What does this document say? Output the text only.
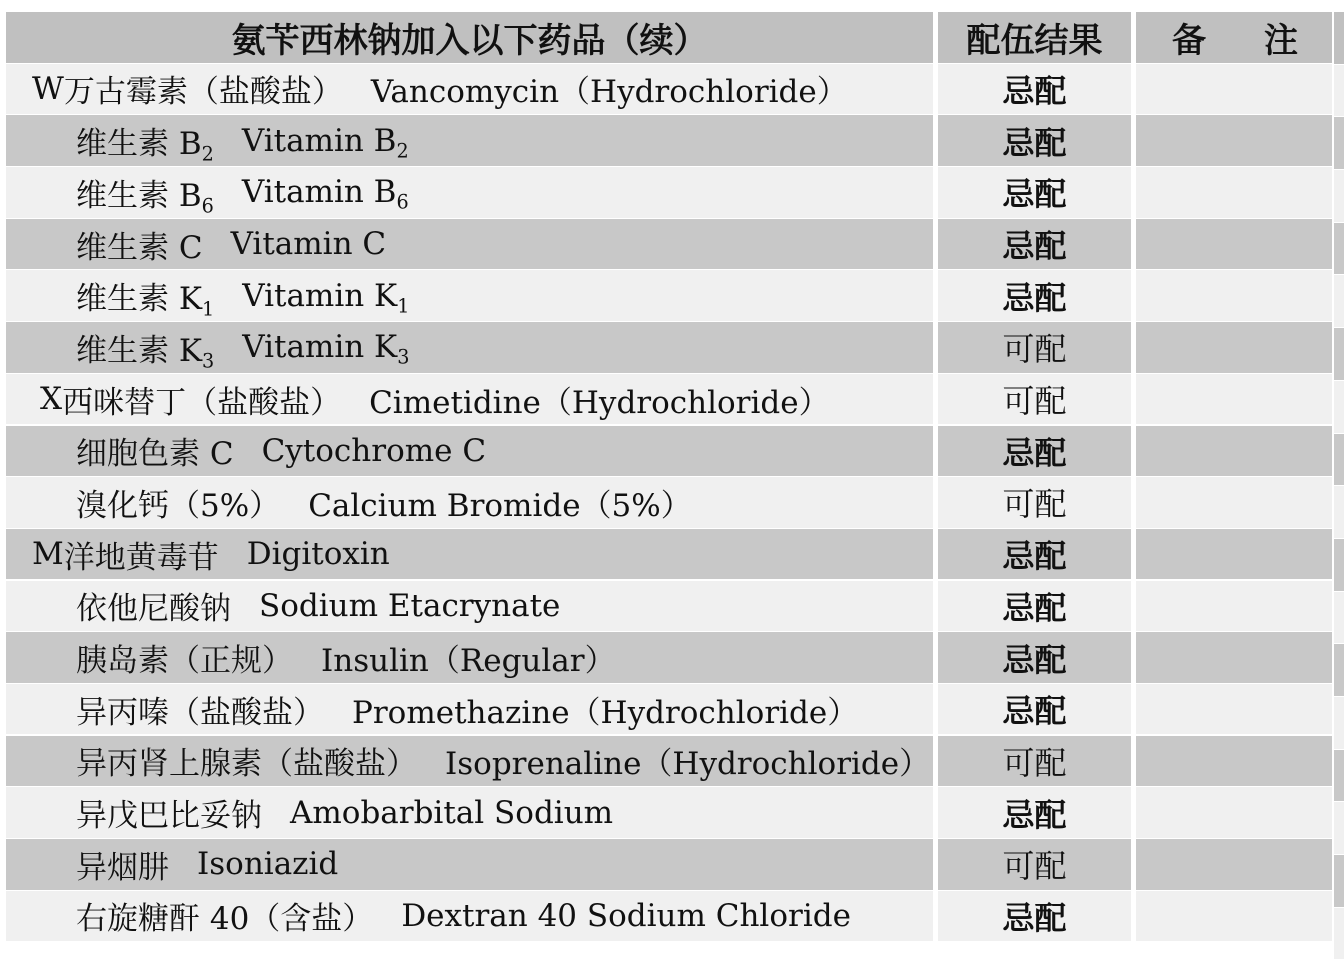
氨苄西林钠加入以下药品（续）	配伍结果	备 注
W 万古霉素（盐酸盐） Vancomycin（Hydrochloride）	忌配
维生素 $B_2$ Vitamin $B_2$	忌配
维生素 $B_6$ Vitamin $B_6$	忌配
维生素 C Vitamin C	忌配
维生素 $K_1$ Vitamin $K_1$	忌配
维生素 $K_3$ Vitamin $K_3$	可配
X 西咪替丁（盐酸盐） Cimetidine（Hydrochloride）	可配
细胞色素 C Cytochrome C	忌配
溴化钙（5%） Calcium Bromide（5%）	可配
M 洋地黄毒苷 Digitoxin	忌配
依他尼酸钠 Sodium Etacrynate	忌配
胰岛素（正规） Insulin（Regular）	忌配
异丙嗪（盐酸盐） Promethazine（Hydrochloride）	忌配
异丙肾上腺素（盐酸盐） Isoprenaline（Hydrochloride）	可配
异戊巴比妥钠 Amobarbital Sodium	忌配
异烟肼 Isoniazid	可配
右旋糖酐 40（含盐） Dextran 40 Sodium Chloride	忌配
